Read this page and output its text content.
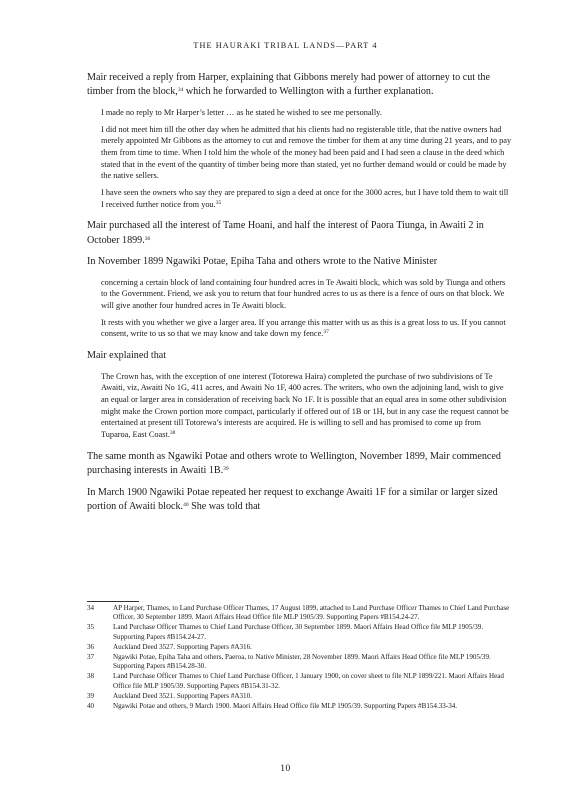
THE HAURAKI TRIBAL LANDS—PART 4

Mair received a reply from Harper, explaining that Gibbons merely had power of attorney to cut the timber from the block,$^{34}$ which he forwarded to Wellington with a further explanation.

I made no reply to Mr Harper’s letter … as he stated he wished to see me personally.

I did not meet him till the other day when he admitted that his clients had no registerable title, that the native owners had merely appointed Mr Gibbons as the attorney to cut and remove the timber for them at any time during 21 years, and to pay them from time to time. When I told him the whole of the money had been paid and I had seen a clause in the deed which stated that in the event of the quantity of timber being more than stated, yet no further demand would or could be made by the native sellers.

I have seen the owners who say they are prepared to sign a deed at once for the 3000 acres, but I have told them to wait till I received further notice from you.$^{35}$

Mair purchased all the interest of Tame Hoani, and half the interest of Paora Tiunga, in Awaiti 2 in October 1899.36

In November 1899 Ngawiki Potae, Epiha Taha and others wrote to the Native Minister

concerning a certain block of land containing four hundred acres in Te Awaiti block, which was sold by Tiunga and others to the Government. Friend, we ask you to return that four hundred acres to us as there is a fence of ours on that block. We will give another four hundred acres in Te Awaiti block.

It rests with you whether we give a larger area. If you arrange this matter with us as this is a great loss to us. If you cannot consent, write to us so that we may know and take down my fence.$^{37}$

Mair explained that

The Crown has, with the exception of one interest (Totorewa Haira) completed the purchase of two subdivisions of Te Awaiti, viz, Awaiti No 1G, 411 acres, and Awaiti No 1F, 400 acres. The writers, who own the adjoining land, wish to give an equal or larger area in consideration of receiving back No 1F. It is possible that an equal area in some other subdivision might make the Crown portion more compact, particularly if offered out of 1B or 1H, but in any case the request cannot be entertained at present till Totorewa’s interests are acquired. He is willing to sell and has promised to come up from Tuparoa, East Coast.$^{38}$

The same month as Ngawiki Potae and others wrote to Wellington, November 1899, Mair commenced purchasing interests in Awaiti 1B.$^{39}$

In March 1900 Ngawiki Potae repeated her request to exchange Awaiti 1F for a similar or larger sized portion of Awaiti block.$^{40}$ She was told that

34	AP Harper, Thames, to Land Purchase Officer Thames, 17 August 1899, attached to Land Purchase Officer Thames to Chief Land Purchase Officer, 30 September 1899. Maori Affairs Head Office file MLP 1905/39. Supporting Papers #B154.24-27.
35	Land Purchase Officer Thames to Chief Land Purchase Officer, 30 September 1899. Maori Affairs Head Office file MLP 1905/39. Supporting Papers #B154.24-27.
36	Auckland Deed 3527. Supporting Papers #A316.
37	Ngawiki Potae, Epiha Taha and others, Paeroa, to Native Minister, 28 November 1899. Maori Affairs Head Office file MLP 1905/39. Supporting Papers #B154.28-30.
38	Land Purchase Officer Thames to Chief Land Purchase Officer, 1 January 1900, on cover sheet to file NLP 1899/221. Maori Affairs Head Office file MLP 1905/39. Supporting Papers #B154.31-32.
39	Auckland Deed 3521. Supporting Papers #A310.
40	Ngawiki Potae and others, 9 March 1900. Maori Affairs Head Office file MLP 1905/39. Supporting Papers #B154.33-34.
10
